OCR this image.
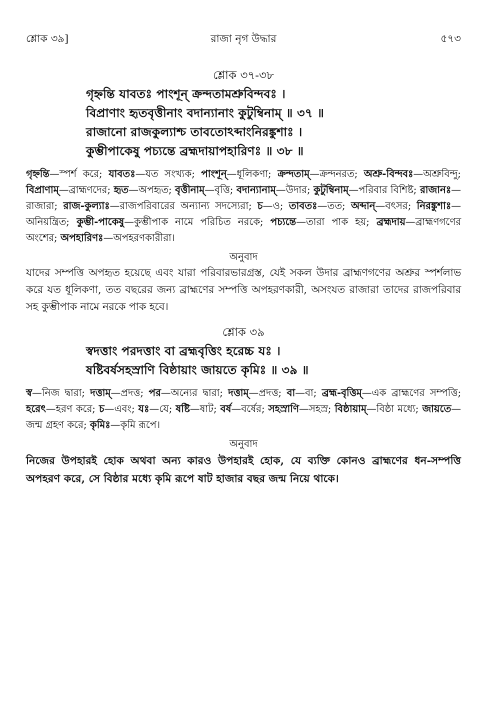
শ্লোক ৩৯]	রাজা নৃগ উদ্ধার	৫৭৩

শ্লোক ৩৭-৩৮

গৃহ্নন্তি যাবতঃ পাংশূন্ ক্রন্দতামশ্রুবিন্দবঃ ।
বিপ্রাণাং হৃতবৃত্তীনাং বদান্যানাং কুটুম্বিনাম্ ॥ ৩৭ ॥
রাজানো রাজকুল্যাশ্চ তাবতোঽব্দাংনিরঙ্কুশাঃ ।
কুম্ভীপাকেষু পচ্যন্তে ব্রহ্মদায়াপহারিণঃ ॥ ৩৮ ॥

গৃহ্নন্তি—স্পর্শ করে; যাবতঃ—যত সংখ্যক; পাংশূন্—ধূলিকণা; ক্রন্দতাম্—ক্রন্দনরত; অশ্রু-বিন্দবঃ—অশ্রুবিন্দু; বিপ্রাণাম্—ব্রাহ্মণদের; হৃত—অপহৃত; বৃত্তীনাম্—বৃত্তি; বদান্যানাম্—উদার; কুটুম্বিনাম্—পরিবার বিশিষ্ট; রাজানঃ—রাজারা; রাজ-কুল্যাঃ—রাজপরিবারের অন্যান্য সদস্যেরা; চ—ও; তাবতঃ—তত; অব্দান্—বৎসর; নিরঙ্কুশাঃ—অনিয়ন্ত্রিত; কুম্ভী-পাকেষু—কুম্ভীপাক নামে পরিচিত নরকে; পচ্যন্তে—তারা পাক হয়; ব্রহ্মদায়—ব্রাহ্মণগণের অংশের; অপহারিণঃ—অপহরণকারীরা।

অনুবাদ

যাদের সম্পত্তি অপহৃত হয়েছে এবং যারা পরিবারভারগ্রস্ত, যেই সকল উদার ব্রাহ্মণগণের অশ্রুর স্পর্শলাভ করে যত ধূলিকণা, তত বছরের জন্য ব্রাহ্মণের সম্পত্তি অপহরণকারী, অসংযত রাজারা তাদের রাজপরিবার সহ কুম্ভীপাক নামে নরকে পাক হবে।

শ্লোক ৩৯

স্বদত্তাং পরদত্তাং বা ব্রহ্মবৃত্তিং হরেচ্চ যঃ ।
ষষ্টিবর্ষসহস্রাণি বিষ্ঠায়াং জায়তে কৃমিঃ ॥ ৩৯ ॥

স্ব—নিজ দ্বারা; দত্তাম্—প্রদত্ত; পর—অন্যের দ্বারা; দত্তাম্—প্রদত্ত; বা—বা; ব্রহ্ম-বৃত্তিম্—এক ব্রাহ্মণের সম্পত্তি; হরেৎ—হরণ করে; চ—এবং; যঃ—যে; ষষ্টি—ষাট; বর্ষ—বর্ষের; সহস্রাণি—সহস্র; বিষ্ঠায়াম্—বিষ্ঠা মধ্যে; জায়তে—জন্ম গ্রহণ করে; কৃমিঃ—কৃমি রূপে।

অনুবাদ

নিজের উপহারই হোক অথবা অন্য কারও উপহারই হোক, যে ব্যক্তি কোনও ব্রাহ্মণের ধন-সম্পত্তি অপহরণ করে, সে বিষ্ঠার মধ্যে কৃমি রূপে ষাট হাজার বছর জন্ম নিয়ে থাকে।
